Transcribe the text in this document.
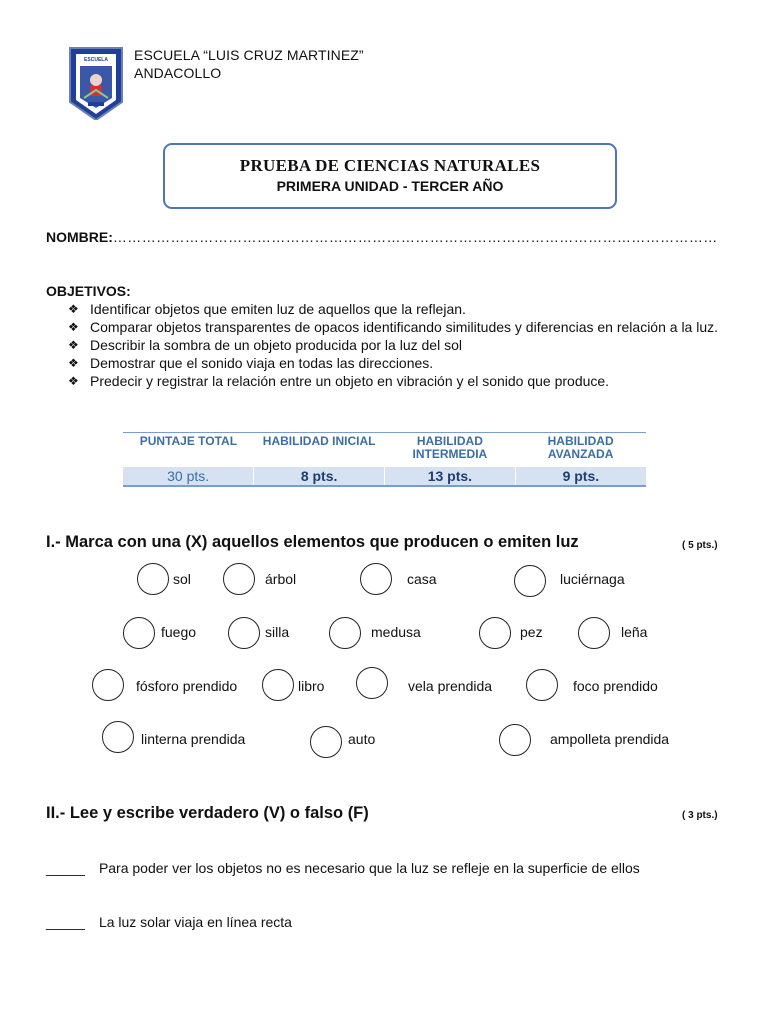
ESCUELA ESCUELA “LUIS CRUZ MARTINEZ”
ANDACOLLO
PRUEBA DE CIENCIAS NATURALES
PRIMERA UNIDAD - TERCER AÑO
NOMBRE:………………………………………………………………………………………………………………
OBJETIVOS:
❖ Identificar objetos que emiten luz de aquellos que la reflejan.
❖ Comparar objetos transparentes de opacos identificando similitudes y diferencias en relación a la luz.
❖ Describir la sombra de un objeto producida por la luz del sol
❖ Demostrar que el sonido viaja en todas las direcciones.
❖ Predecir y registrar la relación entre un objeto en vibración y el sonido que produce.
PUNTAJE TOTAL	HABILIDAD INICIAL	HABILIDAD INTERMEDIA	HABILIDAD AVANZADA
30 pts.	8 pts.	13 pts.	9 pts.
I.- Marca con una (X) aquellos elementos que producen o emiten luz	( 5 pts.)
sol	árbol	casa	luciérnaga
fuego	silla	medusa	pez	leña
fósforo prendido	libro	vela prendida	foco prendido
linterna prendida	auto	ampolleta prendida
II.- Lee y escribe verdadero (V) o falso (F)	( 3 pts.)
_____ Para poder ver los objetos no es necesario que la luz se refleje en la superficie de ellos
_____ La luz solar viaja en línea recta
